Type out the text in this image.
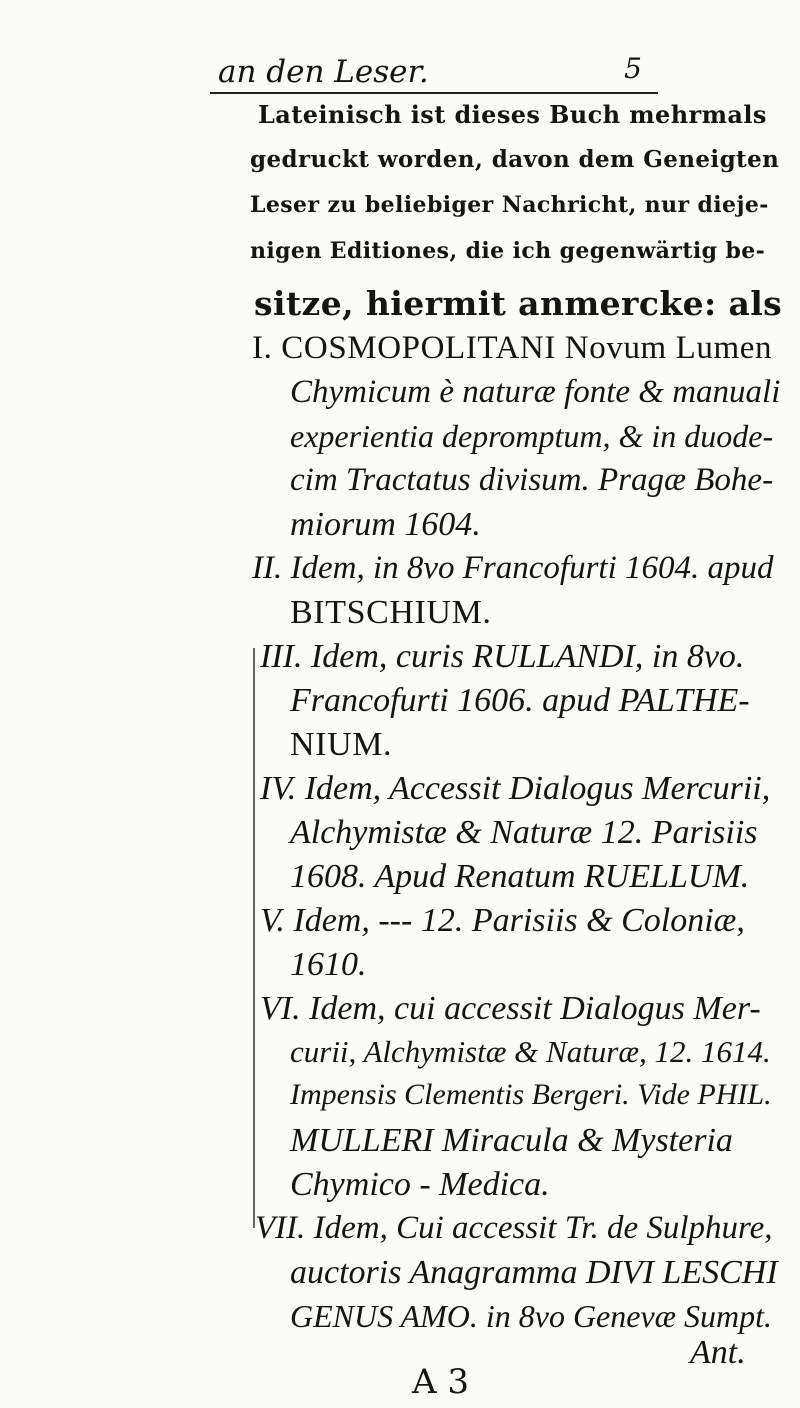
an den Leser.	5
Lateinisch ist dieses Buch mehrmals
gedruckt worden, davon dem Geneigten
Leser zu beliebiger Nachricht, nur dieje-
nigen Editiones, die ich gegenwärtig be-
sitze, hiermit anmercke: als
I. COSMOPOLITANI Novum Lumen
Chymicum è naturæ fonte & manuali
experientia depromptum, & in duode-
cim Tractatus divisum. Pragæ Bohe-
miorum 1604.
II. Idem, in 8vo Francofurti 1604. apud
BITSCHIUM.
III. Idem, curis RULLANDI, in 8vo.
Francofurti 1606. apud PALTHE-
NIUM.
IV. Idem, Accessit Dialogus Mercurii,
Alchymistæ & Naturæ 12. Parisiis
1608. Apud Renatum RUELLUM.
V. Idem, --- 12. Parisiis & Coloniæ,
1610.
VI. Idem, cui accessit Dialogus Mer-
curii, Alchymistæ & Naturæ, 12. 1614.
Impensis Clementis Bergeri. Vide PHIL.
MULLERI Miracula & Mysteria
Chymico - Medica.
VII. Idem, Cui accessit Tr. de Sulphure,
auctoris Anagramma DIVI LESCHI
GENUS AMO. in 8vo Genevæ Sumpt.
Ant.
A 3
